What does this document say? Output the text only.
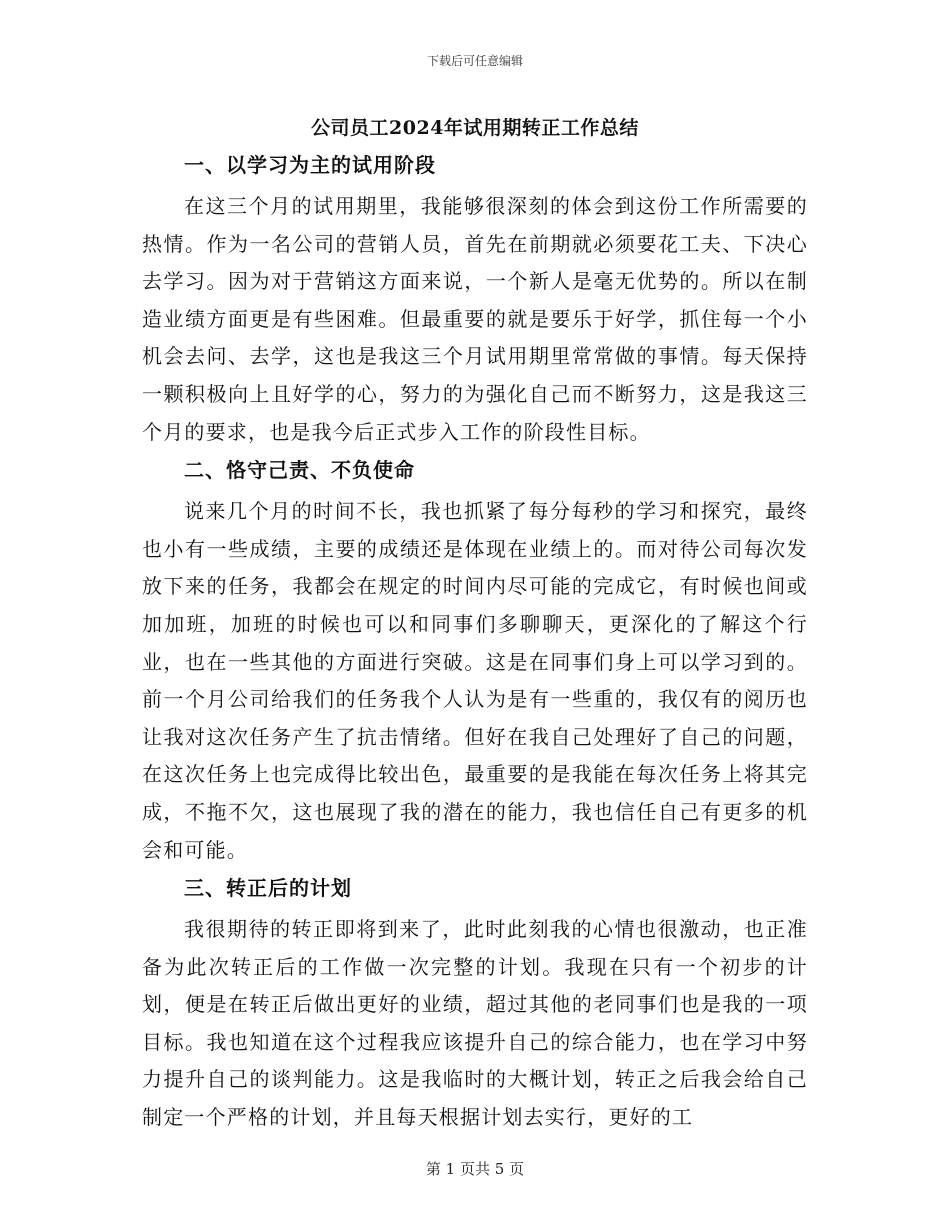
下载后可任意编辑
公司员工2024年试用期转正工作总结
一、以学习为主的试用阶段

在这三个月的试用期里，我能够很深刻的体会到这份工作所需要的热情。作为一名公司的营销人员，首先在前期就必须要花工夫、下决心去学习。因为对于营销这方面来说，一个新人是毫无优势的。所以在制造业绩方面更是有些困难。但最重要的就是要乐于好学，抓住每一个小机会去问、去学，这也是我这三个月试用期里常常做的事情。每天保持一颗积极向上且好学的心，努力的为强化自己而不断努力，这是我这三个月的要求，也是我今后正式步入工作的阶段性目标。

二、恪守己责、不负使命

说来几个月的时间不长，我也抓紧了每分每秒的学习和探究，最终也小有一些成绩，主要的成绩还是体现在业绩上的。而对待公司每次发放下来的任务，我都会在规定的时间内尽可能的完成它，有时候也间或加加班，加班的时候也可以和同事们多聊聊天，更深化的了解这个行业，也在一些其他的方面进行突破。这是在同事们身上可以学习到的。前一个月公司给我们的任务我个人认为是有一些重的，我仅有的阅历也让我对这次任务产生了抗击情绪。但好在我自己处理好了自己的问题，在这次任务上也完成得比较出色，最重要的是我能在每次任务上将其完成，不拖不欠，这也展现了我的潜在的能力，我也信任自己有更多的机会和可能。

三、转正后的计划

我很期待的转正即将到来了，此时此刻我的心情也很激动，也正准备为此次转正后的工作做一次完整的计划。我现在只有一个初步的计划，便是在转正后做出更好的业绩，超过其他的老同事们也是我的一项目标。我也知道在这个过程我应该提升自己的综合能力，也在学习中努力提升自己的谈判能力。这是我临时的大概计划，转正之后我会给自己制定一个严格的计划，并且每天根据计划去实行，更好的工

第 1 页共 5 页
